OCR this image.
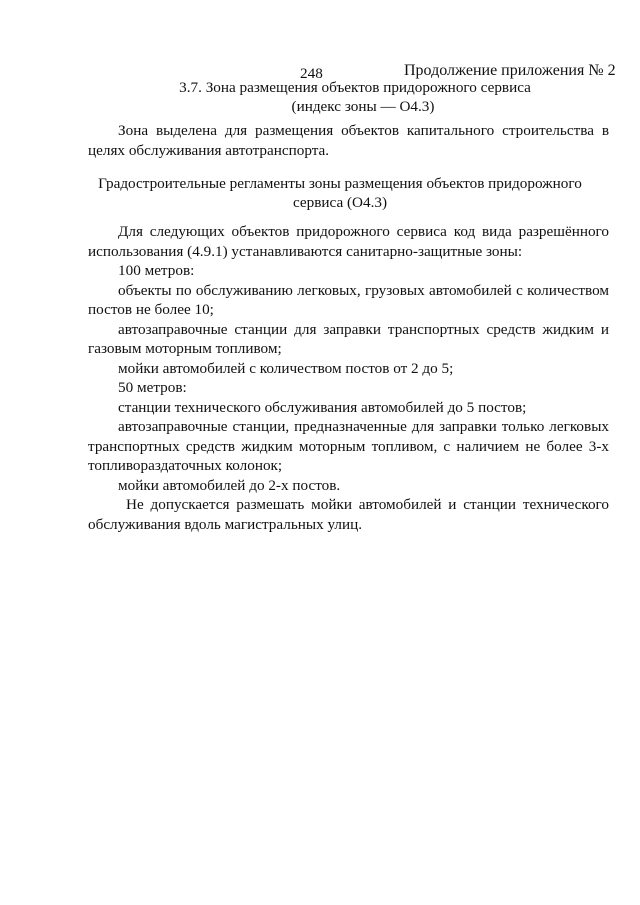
248	Продолжение приложения № 2
3.7. Зона размещения объектов придорожного сервиса
(индекс зоны — О4.3)

Зона выделена для размещения объектов капитального строительства в целях обслуживания автотранспорта.

Градостроительные регламенты зоны размещения объектов придорожного
сервиса (О4.3)

Для следующих объектов придорожного сервиса код вида разрешённого использования (4.9.1) устанавливаются санитарно-защитные зоны:

100 метров:

объекты по обслуживанию легковых, грузовых автомобилей с количеством постов не более 10;

автозаправочные станции для заправки транспортных средств жидким и газовым моторным топливом;

мойки автомобилей с количеством постов от 2 до 5;

50 метров:

станции технического обслуживания автомобилей до 5 постов;

автозаправочные станции, предназначенные для заправки только легковых транспортных средств жидким моторным топливом, с наличием не более 3-х топливораздаточных колонок;

мойки автомобилей до 2-х постов.

Не допускается размешать мойки автомобилей и станции технического обслуживания вдоль магистральных улиц.
